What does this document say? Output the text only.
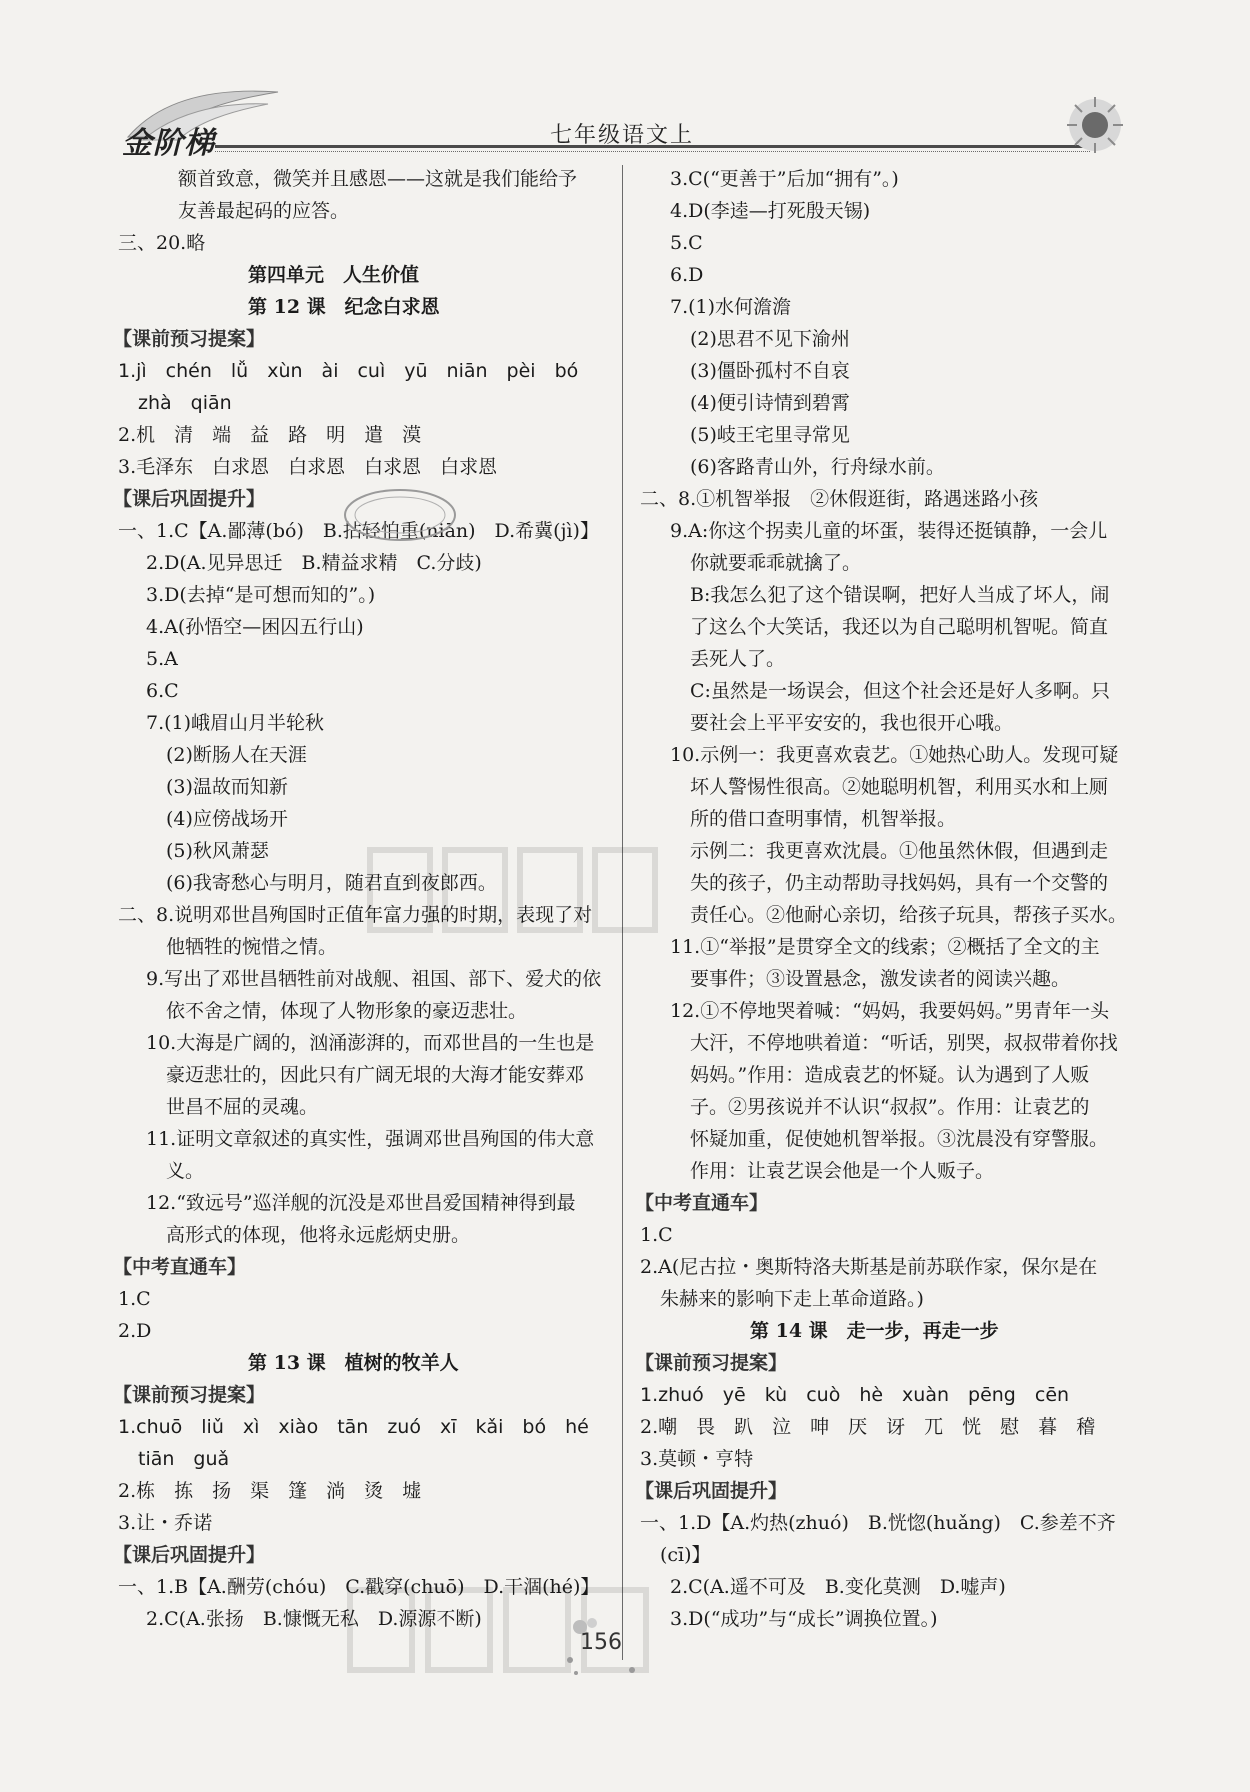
金阶梯	七年级语文上
额首致意，微笑并且感恩——这就是我们能给予
友善最起码的应答。
三、20.略
第四单元　人生价值
第 12 课　纪念白求恩
【 课前预习提案 】
1.jì　chén　lǚ　xùn　ài　cuì　yū　niān　pèi　bó
zhà　qiān
2.机　清　端　益　路　明　遣　漠
3.毛泽东　白求恩　白求恩　白求恩　白求恩
【 课后巩固提升 】
一、1.C【A.鄙薄(bó)　B.拈轻怕重(niān)　D.希冀(jì)】
2.D(A.见异思迁　B.精益求精　C.分歧)
3.D(去掉“是可想而知的”。)
4.A(孙悟空—困囚五行山)
5.A
6.C
7.(1)峨眉山月半轮秋
(2)断肠人在天涯
(3)温故而知新
(4)应傍战场开
(5)秋风萧瑟
(6)我寄愁心与明月，随君直到夜郎西。
二、8.说明邓世昌殉国时正值年富力强的时期，表现了对
他牺牲的惋惜之情。
9.写出了邓世昌牺牲前对战舰、祖国、部下、爱犬的依
依不舍之情，体现了人物形象的豪迈悲壮。
10.大海是广阔的，汹涌澎湃的，而邓世昌的一生也是
豪迈悲壮的，因此只有广阔无垠的大海才能安葬邓
世昌不屈的灵魂。
11.证明文章叙述的真实性，强调邓世昌殉国的伟大意
义。
12.“致远号”巡洋舰的沉没是邓世昌爱国精神得到最
高形式的体现，他将永远彪炳史册。
【 中考直通车 】
1.C
2.D
第 13 课　植树的牧羊人
【 课前预习提案 】
1.chuō　liǔ　xì　xiào　tān　zuó　xī　kǎi　bó　hé
tiān　guǎ
2.栋　拣　扬　渠　篷　淌　烫　墟
3.让・乔诺
【 课后巩固提升 】
一、1.B【A.酬劳(chóu)　C.戳穿(chuō)　D.干涸(hé)】
2.C(A.张扬　B.慷慨无私　D.源源不断)
3.C(“更善于”后加“拥有”。)
4.D(李逵—打死殷天锡)
5.C
6.D
7.(1)水何澹澹
(2)思君不见下渝州
(3)僵卧孤村不自哀
(4)便引诗情到碧霄
(5)岐王宅里寻常见
(6)客路青山外，行舟绿水前。
二、8.①机智举报　②休假逛街，路遇迷路小孩
9.A:你这个拐卖儿童的坏蛋，装得还挺镇静，一会儿
你就要乖乖就擒了。
B:我怎么犯了这个错误啊，把好人当成了坏人，闹
了这么个大笑话，我还以为自己聪明机智呢。简直
丢死人了。
C:虽然是一场误会，但这个社会还是好人多啊。只
要社会上平平安安的，我也很开心哦。
10.示例一：我更喜欢袁艺。①她热心助人。发现可疑
坏人警惕性很高。②她聪明机智，利用买水和上厕
所的借口查明事情，机智举报。
示例二：我更喜欢沈晨。①他虽然休假，但遇到走
失的孩子，仍主动帮助寻找妈妈，具有一个交警的
责任心。②他耐心亲切，给孩子玩具，帮孩子买水。
11.①“举报”是贯穿全文的线索；②概括了全文的主
要事件；③设置悬念，激发读者的阅读兴趣。
12.①不停地哭着喊：“妈妈，我要妈妈。”男青年一头
大汗，不停地哄着道：“听话，别哭，叔叔带着你找
妈妈。”作用：造成袁艺的怀疑。认为遇到了人贩
子。②男孩说并不认识“叔叔”。作用：让袁艺的
怀疑加重，促使她机智举报。③沈晨没有穿警服。
作用：让袁艺误会他是一个人贩子。
【 中考直通车 】
1.C
2.A(尼古拉・奥斯特洛夫斯基是前苏联作家，保尔是在
朱赫来的影响下走上革命道路。)
第 14 课　走一步，再走一步
【 课前预习提案 】
1.zhuó　yē　kù　cuò　hè　xuàn　pēng　cēn
2.嘲　畏　趴　泣　呻　厌　讶　兀　恍　慰　暮　稽
3.莫顿・亨特
【 课后巩固提升 】
一、1.D【A.灼热(zhuó)　B.恍惚(huǎng)　C.参差不齐
(cī)】
2.C(A.遥不可及　B.变化莫测　D.嘘声)
3.D(“成功”与“成长”调换位置。)
156
